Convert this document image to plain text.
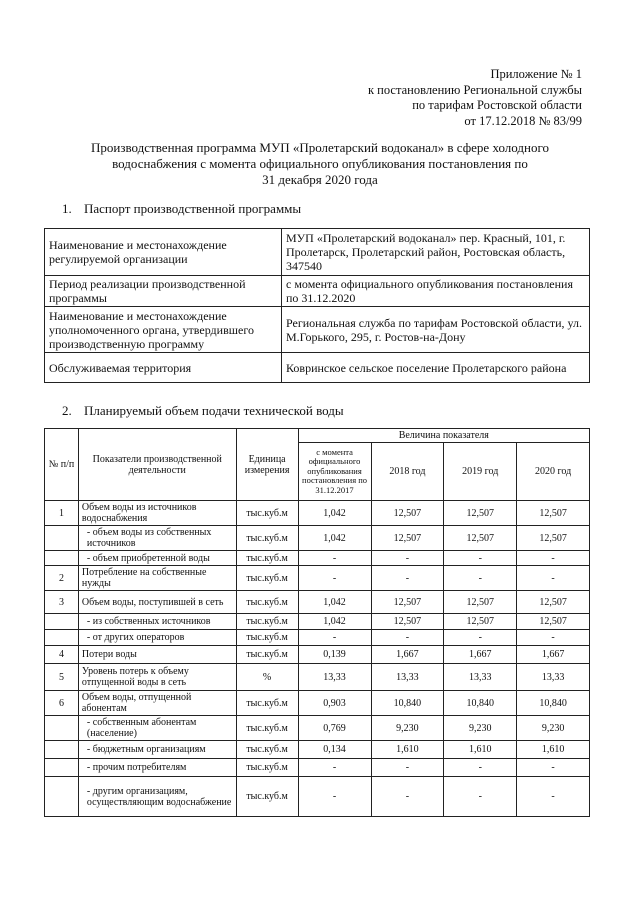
Приложение № 1
к постановлению Региональной службы
по тарифам Ростовской области
от 17.12.2018 № 83/99
Производственная программа МУП «Пролетарский водоканал» в сфере холодного
водоснабжения с момента официального опубликования постановления по
31 декабря 2020 года
1. Паспорт производственной программы
Наименование и местонахождение регулируемой организации	МУП «Пролетарский водоканал» пер. Красный, 101, г. Пролетарск, Пролетарский район, Ростовская область, 347540
Период реализации производственной программы	с момента официального опубликования постановления по 31.12.2020
Наименование и местонахождение уполномоченного органа, утвердившего производственную программу	Региональная служба по тарифам Ростовской области, ул. М.Горького, 295, г. Ростов-на-Дону
Обслуживаемая территория	Ковринское сельское поселение Пролетарского района
2. Планируемый объем подачи технической воды
№ п/п	Показатели производственной деятельности	Единица измерения	Величина показателя			
			с момента официального опубликования постановления по 31.12.2017	2018 год	2019 год	2020 год
1	Объем воды из источников водоснабжения	тыс.куб.м	1,042	12,507	12,507	12,507
	- объем воды из собственных источников	тыс.куб.м	1,042	12,507	12,507	12,507
	- объем приобретенной воды	тыс.куб.м	-	-	-	-
2	Потребление на собственные нужды	тыс.куб.м	-	-	-	-
3	Объем воды, поступившей в сеть	тыс.куб.м	1,042	12,507	12,507	12,507
	- из собственных источников	тыс.куб.м	1,042	12,507	12,507	12,507
	- от других операторов	тыс.куб.м	-	-	-	-
4	Потери воды	тыс.куб.м	0,139	1,667	1,667	1,667
5	Уровень потерь к объему отпущенной воды в сеть	%	13,33	13,33	13,33	13,33
6	Объем воды, отпущенной абонентам	тыс.куб.м	0,903	10,840	10,840	10,840
	- собственным абонентам (население)	тыс.куб.м	0,769	9,230	9,230	9,230
	- бюджетным организациям	тыс.куб.м	0,134	1,610	1,610	1,610
	- прочим потребителям	тыс.куб.м	-	-	-	-
	- другим организациям, осуществляющим водоснабжение	тыс.куб.м	-	-	-	-
